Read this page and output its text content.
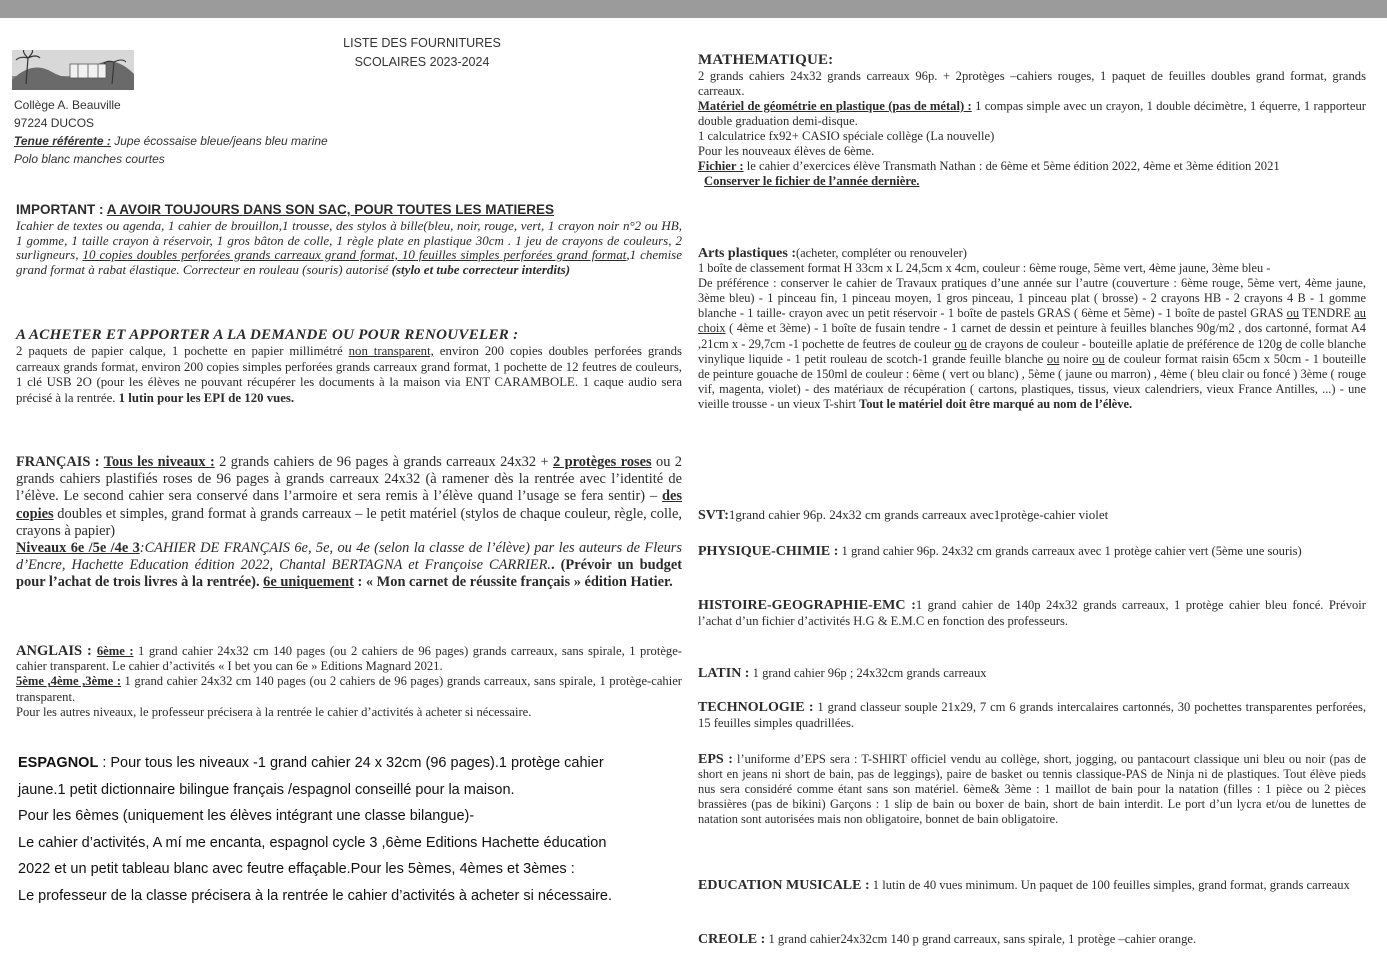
LISTE DES FOURNITURES
SCOLAIRES 2023-2024
Collège A. Beauville
97224 DUCOS
Tenue référente : Jupe écossaise bleue/jeans bleu marine
Polo blanc manches courtes

IMPORTANT : A AVOIR TOUJOURS DANS SON SAC, POUR TOUTES LES MATIERES

Icahier de textes ou agenda, 1 cahier de brouillon,1 trousse, des stylos à bille(bleu, noir, rouge, vert, 1 crayon noir n°2 ou HB, 1 gomme, 1 taille crayon à réservoir, 1 gros bâton de colle, 1 règle plate en plastique 30cm . 1 jeu de crayons de couleurs, 2 surligneurs, 10 copies doubles perforées grands carreaux grand format, 10 feuilles simples perforées grand format,1 chemise grand format à rabat élastique. Correcteur en rouleau (souris) autorisé (stylo et tube correcteur interdits)

A ACHETER ET APPORTER A LA DEMANDE OU POUR RENOUVELER :

2 paquets de papier calque, 1 pochette en papier millimétré non transparent, environ 200 copies doubles perforées grands carreaux grands format, environ 200 copies simples perforées grands carreaux grand format, 1 pochette de 12 feutres de couleurs, 1 clé USB 2O (pour les élèves ne pouvant récupérer les documents à la maison via ENT CARAMBOLE. 1 caque audio sera précisé à la rentrée. 1 lutin pour les EPI de 120 vues.

FRANÇAIS : Tous les niveaux : 2 grands cahiers de 96 pages à grands carreaux 24x32 + 2 protèges roses ou 2 grands cahiers plastifiés roses de 96 pages à grands carreaux 24x32 (à ramener dès la rentrée avec l’identité de l’élève. Le second cahier sera conservé dans l’armoire et sera remis à l’élève quand l’usage se fera sentir) – des copies doubles et simples, grand format à grands carreaux – le petit matériel (stylos de chaque couleur, règle, colle, crayons à papier)
Niveaux 6e /5e /4e 3:CAHIER DE FRANÇAIS 6e, 5e, ou 4e (selon la classe de l’élève) par les auteurs de Fleurs d’Encre, Hachette Education édition 2022, Chantal BERTAGNA et Françoise CARRIER.. (Prévoir un budget pour l’achat de trois livres à la rentrée). 6e uniquement : « Mon carnet de réussite français » édition Hatier.

ANGLAIS : 6ème : 1 grand cahier 24x32 cm 140 pages (ou 2 cahiers de 96 pages) grands carreaux, sans spirale, 1 protège-cahier transparent. Le cahier d’activités « I bet you can 6e » Editions Magnard 2021.
5ème ,4ème ,3ème : 1 grand cahier 24x32 cm 140 pages (ou 2 cahiers de 96 pages) grands carreaux, sans spirale, 1 protège-cahier transparent.
Pour les autres niveaux, le professeur précisera à la rentrée le cahier d’activités à acheter si nécessaire.

ESPAGNOL : Pour tous les niveaux -1 grand cahier 24 x 32cm (96 pages).1 protège cahier
jaune.1 petit dictionnaire bilingue français /espagnol conseillé pour la maison.
Pour les 6èmes (uniquement les élèves intégrant une classe bilangue)-
Le cahier d’activités, A mí me encanta, espagnol cycle 3 ,6ème Editions Hachette éducation
2022 et un petit tableau blanc avec feutre effaçable.Pour les 5èmes, 4èmes et 3èmes :
Le professeur de la classe précisera à la rentrée le cahier d’activités à acheter si nécessaire.

MATHEMATIQUE:

2 grands cahiers 24x32 grands carreaux 96p. + 2protèges –cahiers rouges, 1 paquet de feuilles doubles grand format, grands carreaux.
Matériel de géométrie en plastique (pas de métal) : 1 compas simple avec un crayon, 1 double décimètre, 1 équerre, 1 rapporteur double graduation demi-disque.
1 calculatrice fx92+ CASIO spéciale collège (La nouvelle)
Pour les nouveaux élèves de 6ème.
Fichier : le cahier d’exercices élève Transmath Nathan : de 6ème et 5ème édition 2022, 4ème et 3ème édition 2021
Conserver le fichier de l’année dernière.

Arts plastiques :(acheter, compléter ou renouveler)
1 boîte de classement format H 33cm x L 24,5cm x 4cm, couleur : 6ème rouge, 5ème vert, 4ème jaune, 3ème bleu -
De préférence : conserver le cahier de Travaux pratiques d’une année sur l’autre (couverture : 6ème rouge, 5ème vert, 4ème jaune, 3ème bleu) - 1 pinceau fin, 1 pinceau moyen, 1 gros pinceau, 1 pinceau plat ( brosse) - 2 crayons HB - 2 crayons 4 B - 1 gomme blanche - 1 taille- crayon avec un petit réservoir - 1 boîte de pastels GRAS ( 6ème et 5ème) - 1 boîte de pastel GRAS ou TENDRE au choix ( 4ème et 3ème) - 1 boîte de fusain tendre - 1 carnet de dessin et peinture à feuilles blanches 90g/m2 , dos cartonné, format A4 ,21cm x - 29,7cm -1 pochette de feutres de couleur ou de crayons de couleur - bouteille aplatie de préférence de 120g de colle blanche vinylique liquide - 1 petit rouleau de scotch-1 grande feuille blanche ou noire ou de couleur format raisin 65cm x 50cm - 1 bouteille de peinture gouache de 150ml de couleur : 6ème ( vert ou blanc) , 5ème ( jaune ou marron) , 4ème ( bleu clair ou foncé ) 3ème ( rouge vif, magenta, violet) - des matériaux de récupération ( cartons, plastiques, tissus, vieux calendriers, vieux France Antilles, ...) - une vieille trousse - un vieux T-shirt Tout le matériel doit être marqué au nom de l’élève.

SVT:1grand cahier 96p. 24x32 cm grands carreaux avec1protège-cahier violet

PHYSIQUE-CHIMIE : 1 grand cahier 96p. 24x32 cm grands carreaux avec 1 protège cahier vert (5ème une souris)

HISTOIRE-GEOGRAPHIE-EMC :1 grand cahier de 140p 24x32 grands carreaux, 1 protège cahier bleu foncé. Prévoir l’achat d’un fichier d’activités H.G & E.M.C en fonction des professeurs.

LATIN : 1 grand cahier 96p ; 24x32cm grands carreaux

TECHNOLOGIE : 1 grand classeur souple 21x29, 7 cm 6 grands intercalaires cartonnés, 30 pochettes transparentes perforées, 15 feuilles simples quadrillées.

EPS : l’uniforme d’EPS sera : T-SHIRT officiel vendu au collège, short, jogging, ou pantacourt classique uni bleu ou noir (pas de short en jeans ni short de bain, pas de leggings), paire de basket ou tennis classique-PAS de Ninja ni de plastiques. Tout élève pieds nus sera considéré comme étant sans son matériel. 6ème& 3ème : 1 maillot de bain pour la natation (filles : 1 pièce ou 2 pièces brassières (pas de bikini) Garçons : 1 slip de bain ou boxer de bain, short de bain interdit. Le port d’un lycra et/ou de lunettes de natation sont autorisées mais non obligatoire, bonnet de bain obligatoire.

EDUCATION MUSICALE : 1 lutin de 40 vues minimum. Un paquet de 100 feuilles simples, grand format, grands carreaux

CREOLE : 1 grand cahier24x32cm 140 p grand carreaux, sans spirale, 1 protège –cahier orange.
